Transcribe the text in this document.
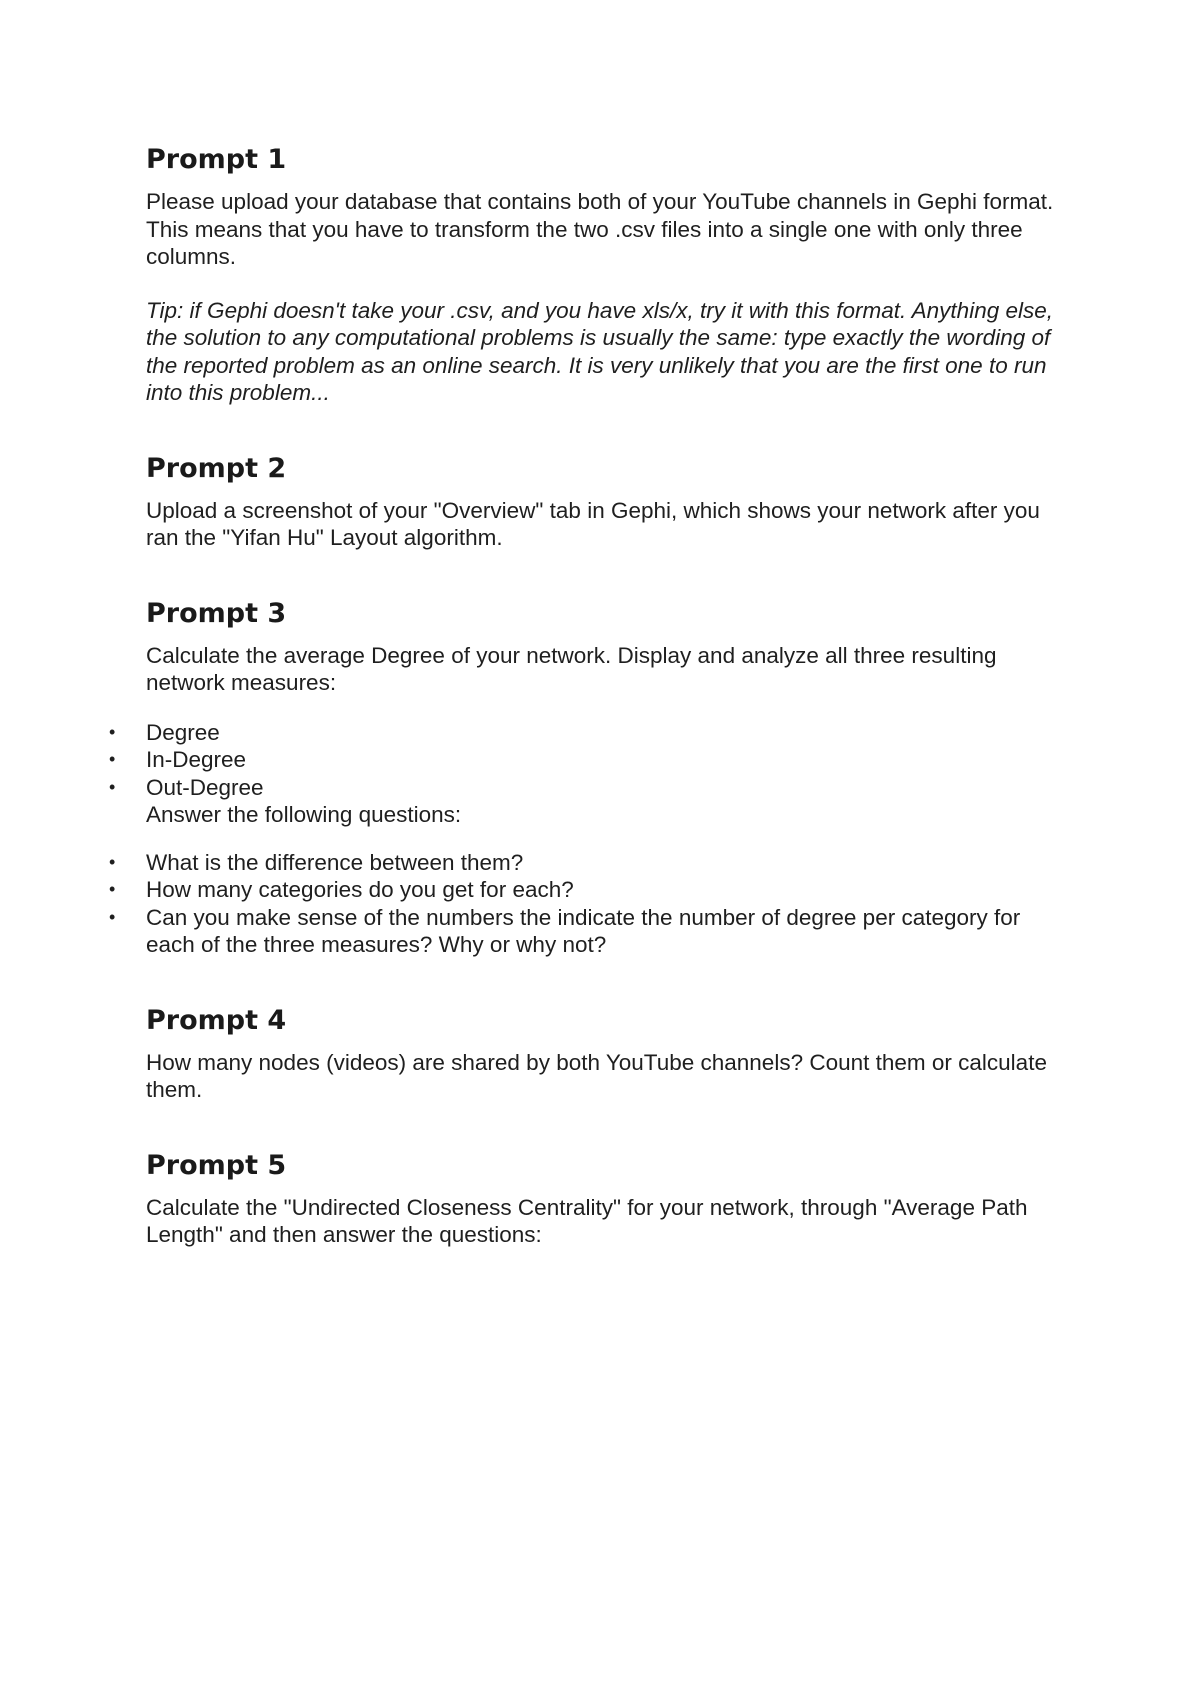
Prompt 1

Please upload your database that contains both of your YouTube channels in Gephi format. This means that you have to transform the two .csv files into a single one with only three columns.

Tip: if Gephi doesn't take your .csv, and you have xls/x, try it with this format. Anything else, the solution to any computational problems is usually the same: type exactly the wording of the reported problem as an online search. It is very unlikely that you are the first one to run into this problem...

Prompt 2

Upload a screenshot of your "Overview" tab in Gephi, which shows your network after you ran the "Yifan Hu" Layout algorithm.

Prompt 3

Calculate the average Degree of your network. Display and analyze all three resulting network measures:

• Degree
• In-Degree
• Out-Degree

Answer the following questions:

• What is the difference between them?
• How many categories do you get for each?
• Can you make sense of the numbers the indicate the number of degree per category for each of the three measures? Why or why not?
Prompt 4

How many nodes (videos) are shared by both YouTube channels? Count them or calculate them.

Prompt 5

Calculate the "Undirected Closeness Centrality" for your network, through "Average Path Length" and then answer the questions:
